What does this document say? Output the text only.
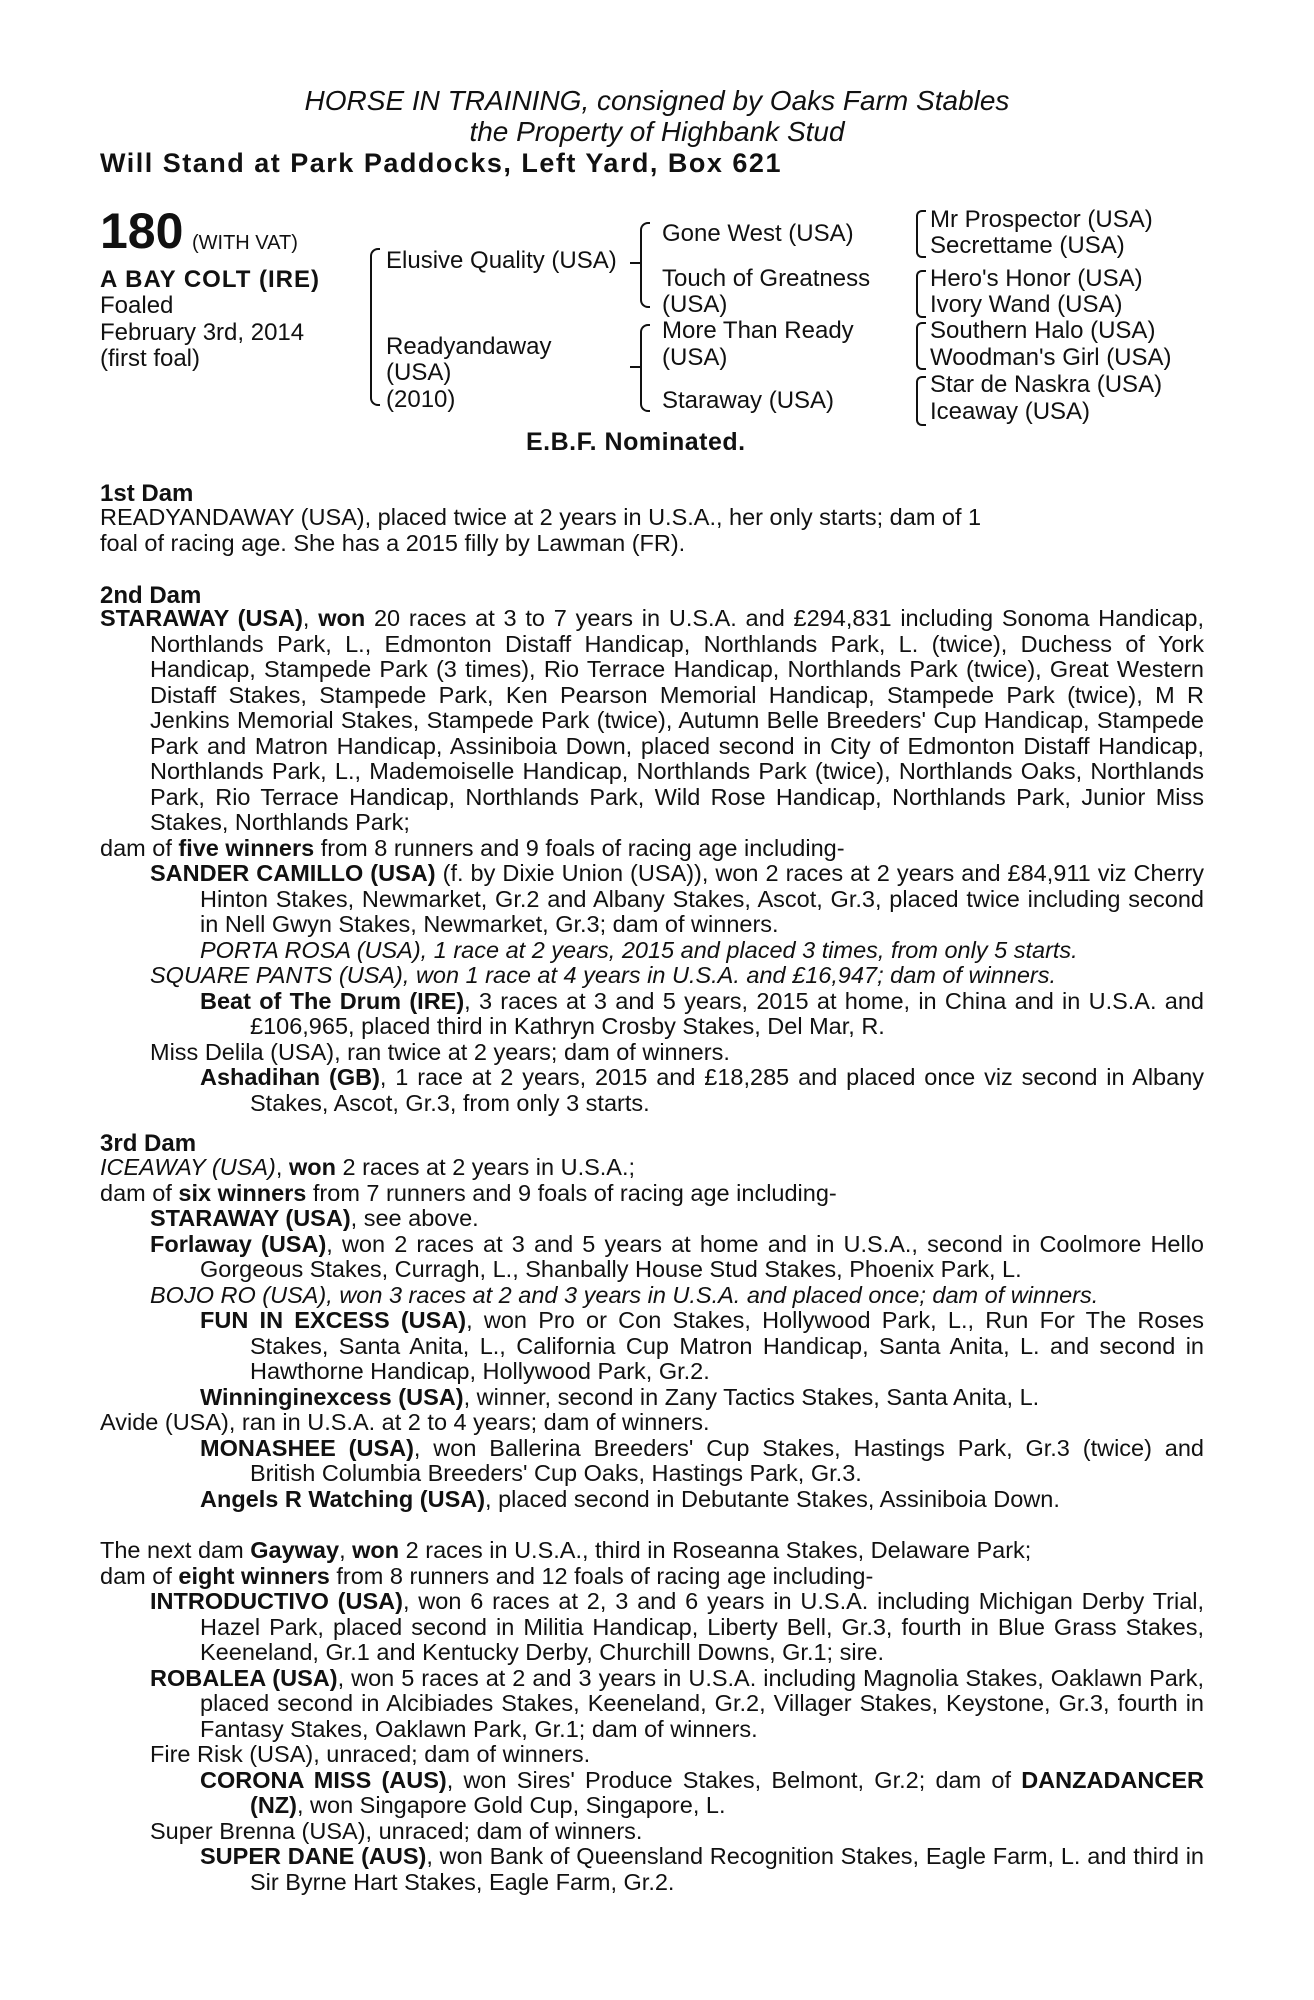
HORSE IN TRAINING, consigned by Oaks Farm Stables
the Property of Highbank Stud
Will Stand at Park Paddocks, Left Yard, Box 621
180 (WITH VAT)
A BAY COLT (IRE)
Foaled
February 3rd, 2014
(first foal)
Elusive Quality (USA)
Readyandaway
(USA)
(2010)
Gone West (USA)
Touch of Greatness
(USA)
More Than Ready
(USA)
Staraway (USA)
Mr Prospector (USA)
Secrettame (USA)
Hero's Honor (USA)
Ivory Wand (USA)
Southern Halo (USA)
Woodman's Girl (USA)
Star de Naskra (USA)
Iceaway (USA)
E.B.F. Nominated.
1st Dam
READYANDAWAY (USA), placed twice at 2 years in U.S.A., her only starts; dam of 1 foal of racing age. She has a 2015 filly by Lawman (FR).
2nd Dam
STARAWAY (USA), won 20 races at 3 to 7 years in U.S.A. and £294,831 including Sonoma Handicap, Northlands Park, L., Edmonton Distaff Handicap, Northlands Park, L. (twice), Duchess of York Handicap, Stampede Park (3 times), Rio Terrace Handicap, Northlands Park (twice), Great Western Distaff Stakes, Stampede Park, Ken Pearson Memorial Handicap, Stampede Park (twice), M R Jenkins Memorial Stakes, Stampede Park (twice), Autumn Belle Breeders' Cup Handicap, Stampede Park and Matron Handicap, Assiniboia Down, placed second in City of Edmonton Distaff Handicap, Northlands Park, L., Mademoiselle Handicap, Northlands Park (twice), Northlands Oaks, Northlands Park, Rio Terrace Handicap, Northlands Park, Wild Rose Handicap, Northlands Park, Junior Miss Stakes, Northlands Park;
dam of five winners from 8 runners and 9 foals of racing age including-
SANDER CAMILLO (USA) (f. by Dixie Union (USA)), won 2 races at 2 years and £84,911 viz Cherry Hinton Stakes, Newmarket, Gr.2 and Albany Stakes, Ascot, Gr.3, placed twice including second in Nell Gwyn Stakes, Newmarket, Gr.3; dam of winners.
PORTA ROSA (USA), 1 race at 2 years, 2015 and placed 3 times, from only 5 starts.
SQUARE PANTS (USA), won 1 race at 4 years in U.S.A. and £16,947; dam of winners.
Beat of The Drum (IRE), 3 races at 3 and 5 years, 2015 at home, in China and in U.S.A. and £106,965, placed third in Kathryn Crosby Stakes, Del Mar, R.
Miss Delila (USA), ran twice at 2 years; dam of winners.
Ashadihan (GB), 1 race at 2 years, 2015 and £18,285 and placed once viz second in Albany Stakes, Ascot, Gr.3, from only 3 starts.
3rd Dam
ICEAWAY (USA), won 2 races at 2 years in U.S.A.;
dam of six winners from 7 runners and 9 foals of racing age including-
STARAWAY (USA), see above.
Forlaway (USA), won 2 races at 3 and 5 years at home and in U.S.A., second in Coolmore Hello Gorgeous Stakes, Curragh, L., Shanbally House Stud Stakes, Phoenix Park, L.
BOJO RO (USA), won 3 races at 2 and 3 years in U.S.A. and placed once; dam of winners.
FUN IN EXCESS (USA), won Pro or Con Stakes, Hollywood Park, L., Run For The Roses Stakes, Santa Anita, L., California Cup Matron Handicap, Santa Anita, L. and second in Hawthorne Handicap, Hollywood Park, Gr.2.
Winninginexcess (USA), winner, second in Zany Tactics Stakes, Santa Anita, L.
Avide (USA), ran in U.S.A. at 2 to 4 years; dam of winners.
MONASHEE (USA), won Ballerina Breeders' Cup Stakes, Hastings Park, Gr.3 (twice) and British Columbia Breeders' Cup Oaks, Hastings Park, Gr.3.
Angels R Watching (USA), placed second in Debutante Stakes, Assiniboia Down.
The next dam Gayway, won 2 races in U.S.A., third in Roseanna Stakes, Delaware Park;
dam of eight winners from 8 runners and 12 foals of racing age including-
INTRODUCTIVO (USA), won 6 races at 2, 3 and 6 years in U.S.A. including Michigan Derby Trial, Hazel Park, placed second in Militia Handicap, Liberty Bell, Gr.3, fourth in Blue Grass Stakes, Keeneland, Gr.1 and Kentucky Derby, Churchill Downs, Gr.1; sire.
ROBALEA (USA), won 5 races at 2 and 3 years in U.S.A. including Magnolia Stakes, Oaklawn Park, placed second in Alcibiades Stakes, Keeneland, Gr.2, Villager Stakes, Keystone, Gr.3, fourth in Fantasy Stakes, Oaklawn Park, Gr.1; dam of winners.
Fire Risk (USA), unraced; dam of winners.
CORONA MISS (AUS), won Sires' Produce Stakes, Belmont, Gr.2; dam of DANZADANCER (NZ), won Singapore Gold Cup, Singapore, L.
Super Brenna (USA), unraced; dam of winners.
SUPER DANE (AUS), won Bank of Queensland Recognition Stakes, Eagle Farm, L. and third in Sir Byrne Hart Stakes, Eagle Farm, Gr.2.
